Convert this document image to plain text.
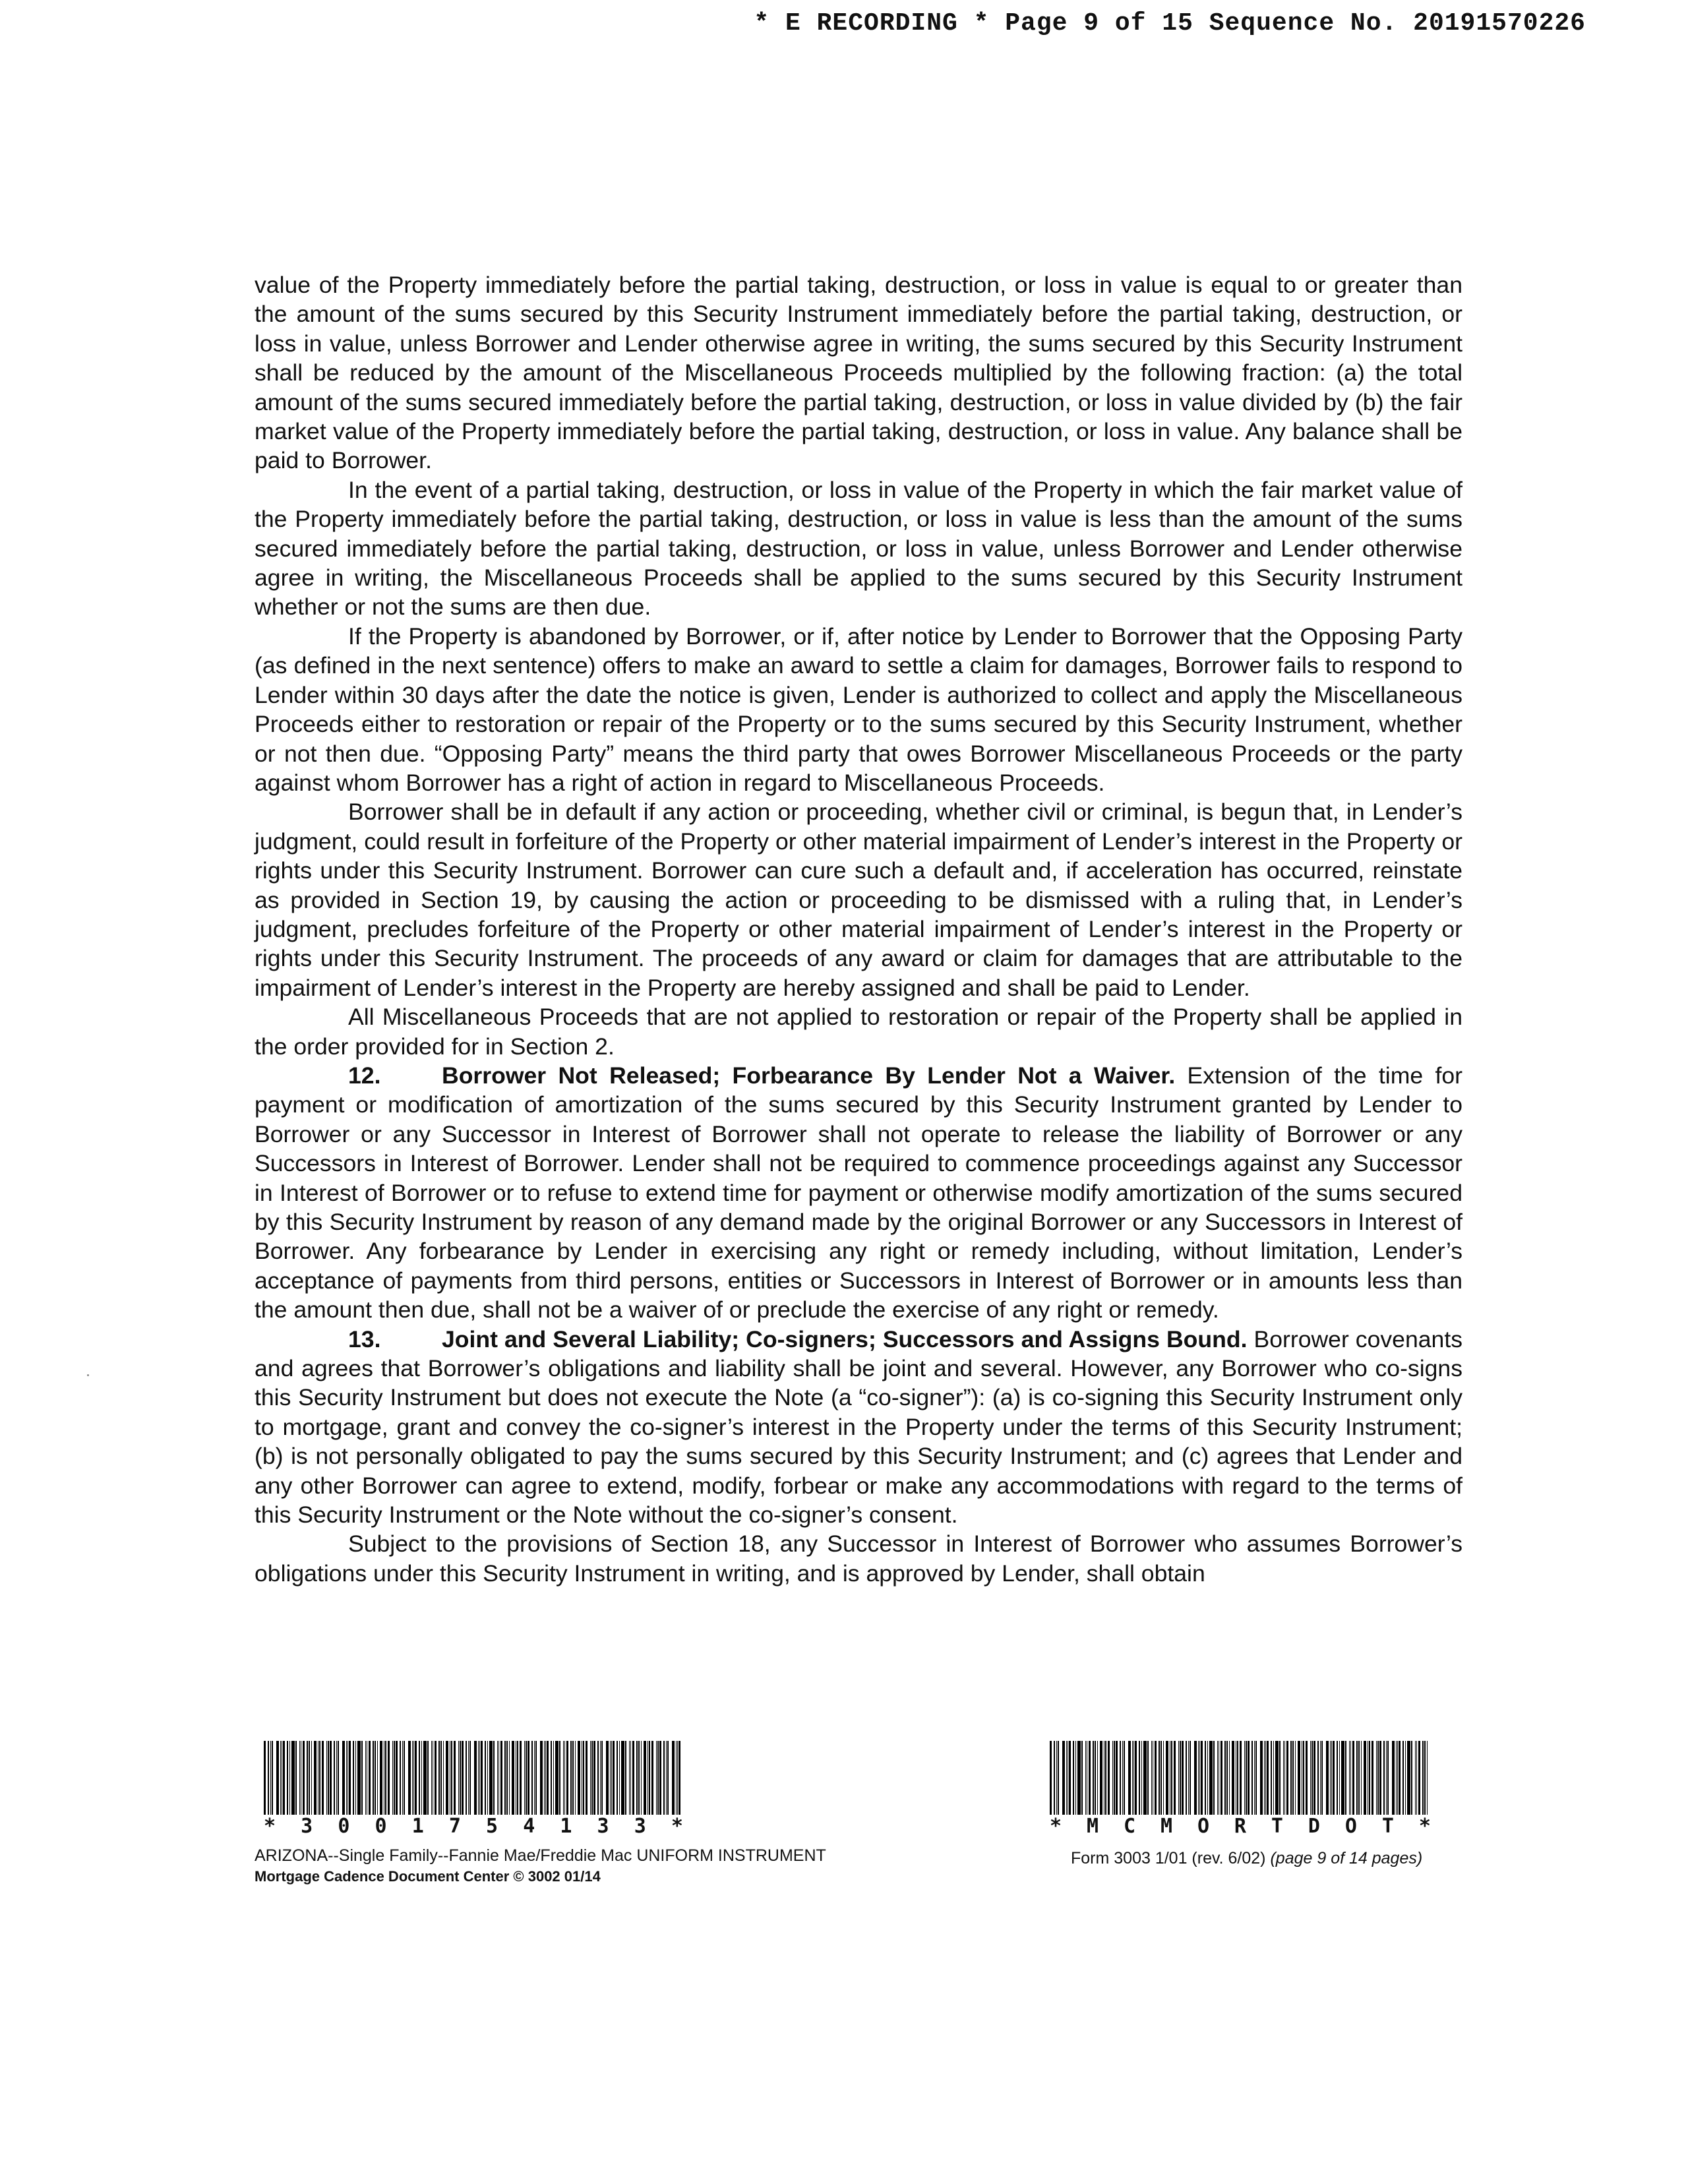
* E RECORDING * Page 9 of 15 Sequence No. 20191570226

value of the Property immediately before the partial taking, destruction, or loss in value is equal to or greater than the amount of the sums secured by this Security Instrument immediately before the partial taking, destruction, or loss in value, unless Borrower and Lender otherwise agree in writing, the sums secured by this Security Instrument shall be reduced by the amount of the Miscellaneous Proceeds multiplied by the following fraction: (a) the total amount of the sums secured immediately before the partial taking, destruction, or loss in value divided by (b) the fair market value of the Property immediately before the partial taking, destruction, or loss in value. Any balance shall be paid to Borrower.

In the event of a partial taking, destruction, or loss in value of the Property in which the fair market value of the Property immediately before the partial taking, destruction, or loss in value is less than the amount of the sums secured immediately before the partial taking, destruction, or loss in value, unless Borrower and Lender otherwise agree in writing, the Miscellaneous Proceeds shall be applied to the sums secured by this Security Instrument whether or not the sums are then due.

If the Property is abandoned by Borrower, or if, after notice by Lender to Borrower that the Opposing Party (as defined in the next sentence) offers to make an award to settle a claim for damages, Borrower fails to respond to Lender within 30 days after the date the notice is given, Lender is authorized to collect and apply the Miscellaneous Proceeds either to restoration or repair of the Property or to the sums secured by this Security Instrument, whether or not then due. “Opposing Party” means the third party that owes Borrower Miscellaneous Proceeds or the party against whom Borrower has a right of action in regard to Miscellaneous Proceeds.

Borrower shall be in default if any action or proceeding, whether civil or criminal, is begun that, in Lender’s judgment, could result in forfeiture of the Property or other material impairment of Lender’s interest in the Property or rights under this Security Instrument. Borrower can cure such a default and, if acceleration has occurred, reinstate as provided in Section 19, by causing the action or proceeding to be dismissed with a ruling that, in Lender’s judgment, precludes forfeiture of the Property or other material impairment of Lender’s interest in the Property or rights under this Security Instrument. The proceeds of any award or claim for damages that are attributable to the impairment of Lender’s interest in the Property are hereby assigned and shall be paid to Lender.

All Miscellaneous Proceeds that are not applied to restoration or repair of the Property shall be applied in the order provided for in Section 2.

12.	Borrower Not Released; Forbearance By Lender Not a Waiver. Extension of the time for payment or modification of amortization of the sums secured by this Security Instrument granted by Lender to Borrower or any Successor in Interest of Borrower shall not operate to release the liability of Borrower or any Successors in Interest of Borrower. Lender shall not be required to commence proceedings against any Successor in Interest of Borrower or to refuse to extend time for payment or otherwise modify amortization of the sums secured by this Security Instrument by reason of any demand made by the original Borrower or any Successors in Interest of Borrower. Any forbearance by Lender in exercising any right or remedy including, without limitation, Lender’s acceptance of payments from third persons, entities or Successors in Interest of Borrower or in amounts less than the amount then due, shall not be a waiver of or preclude the exercise of any right or remedy.

13.	Joint and Several Liability; Co-signers; Successors and Assigns Bound. Borrower covenants and agrees that Borrower’s obligations and liability shall be joint and several. However, any Borrower who co-signs this Security Instrument but does not execute the Note (a “co-signer”): (a) is co-signing this Security Instrument only to mortgage, grant and convey the co-signer’s interest in the Property under the terms of this Security Instrument; (b) is not personally obligated to pay the sums secured by this Security Instrument; and (c) agrees that Lender and any other Borrower can agree to extend, modify, forbear or make any accommodations with regard to the terms of this Security Instrument or the Note without the co-signer’s consent.

Subject to the provisions of Section 18, any Successor in Interest of Borrower who assumes Borrower’s obligations under this Security Instrument in writing, and is approved by Lender, shall obtain

* 3 0 0 1 7 5 4 1 3 3 *	* M C M O R T D O T *
ARIZONA--Single Family--Fannie Mae/Freddie Mac UNIFORM INSTRUMENT
Mortgage Cadence Document Center © 3002 01/14
Form 3003 1/01 (rev. 6/02) (page 9 of 14 pages)
